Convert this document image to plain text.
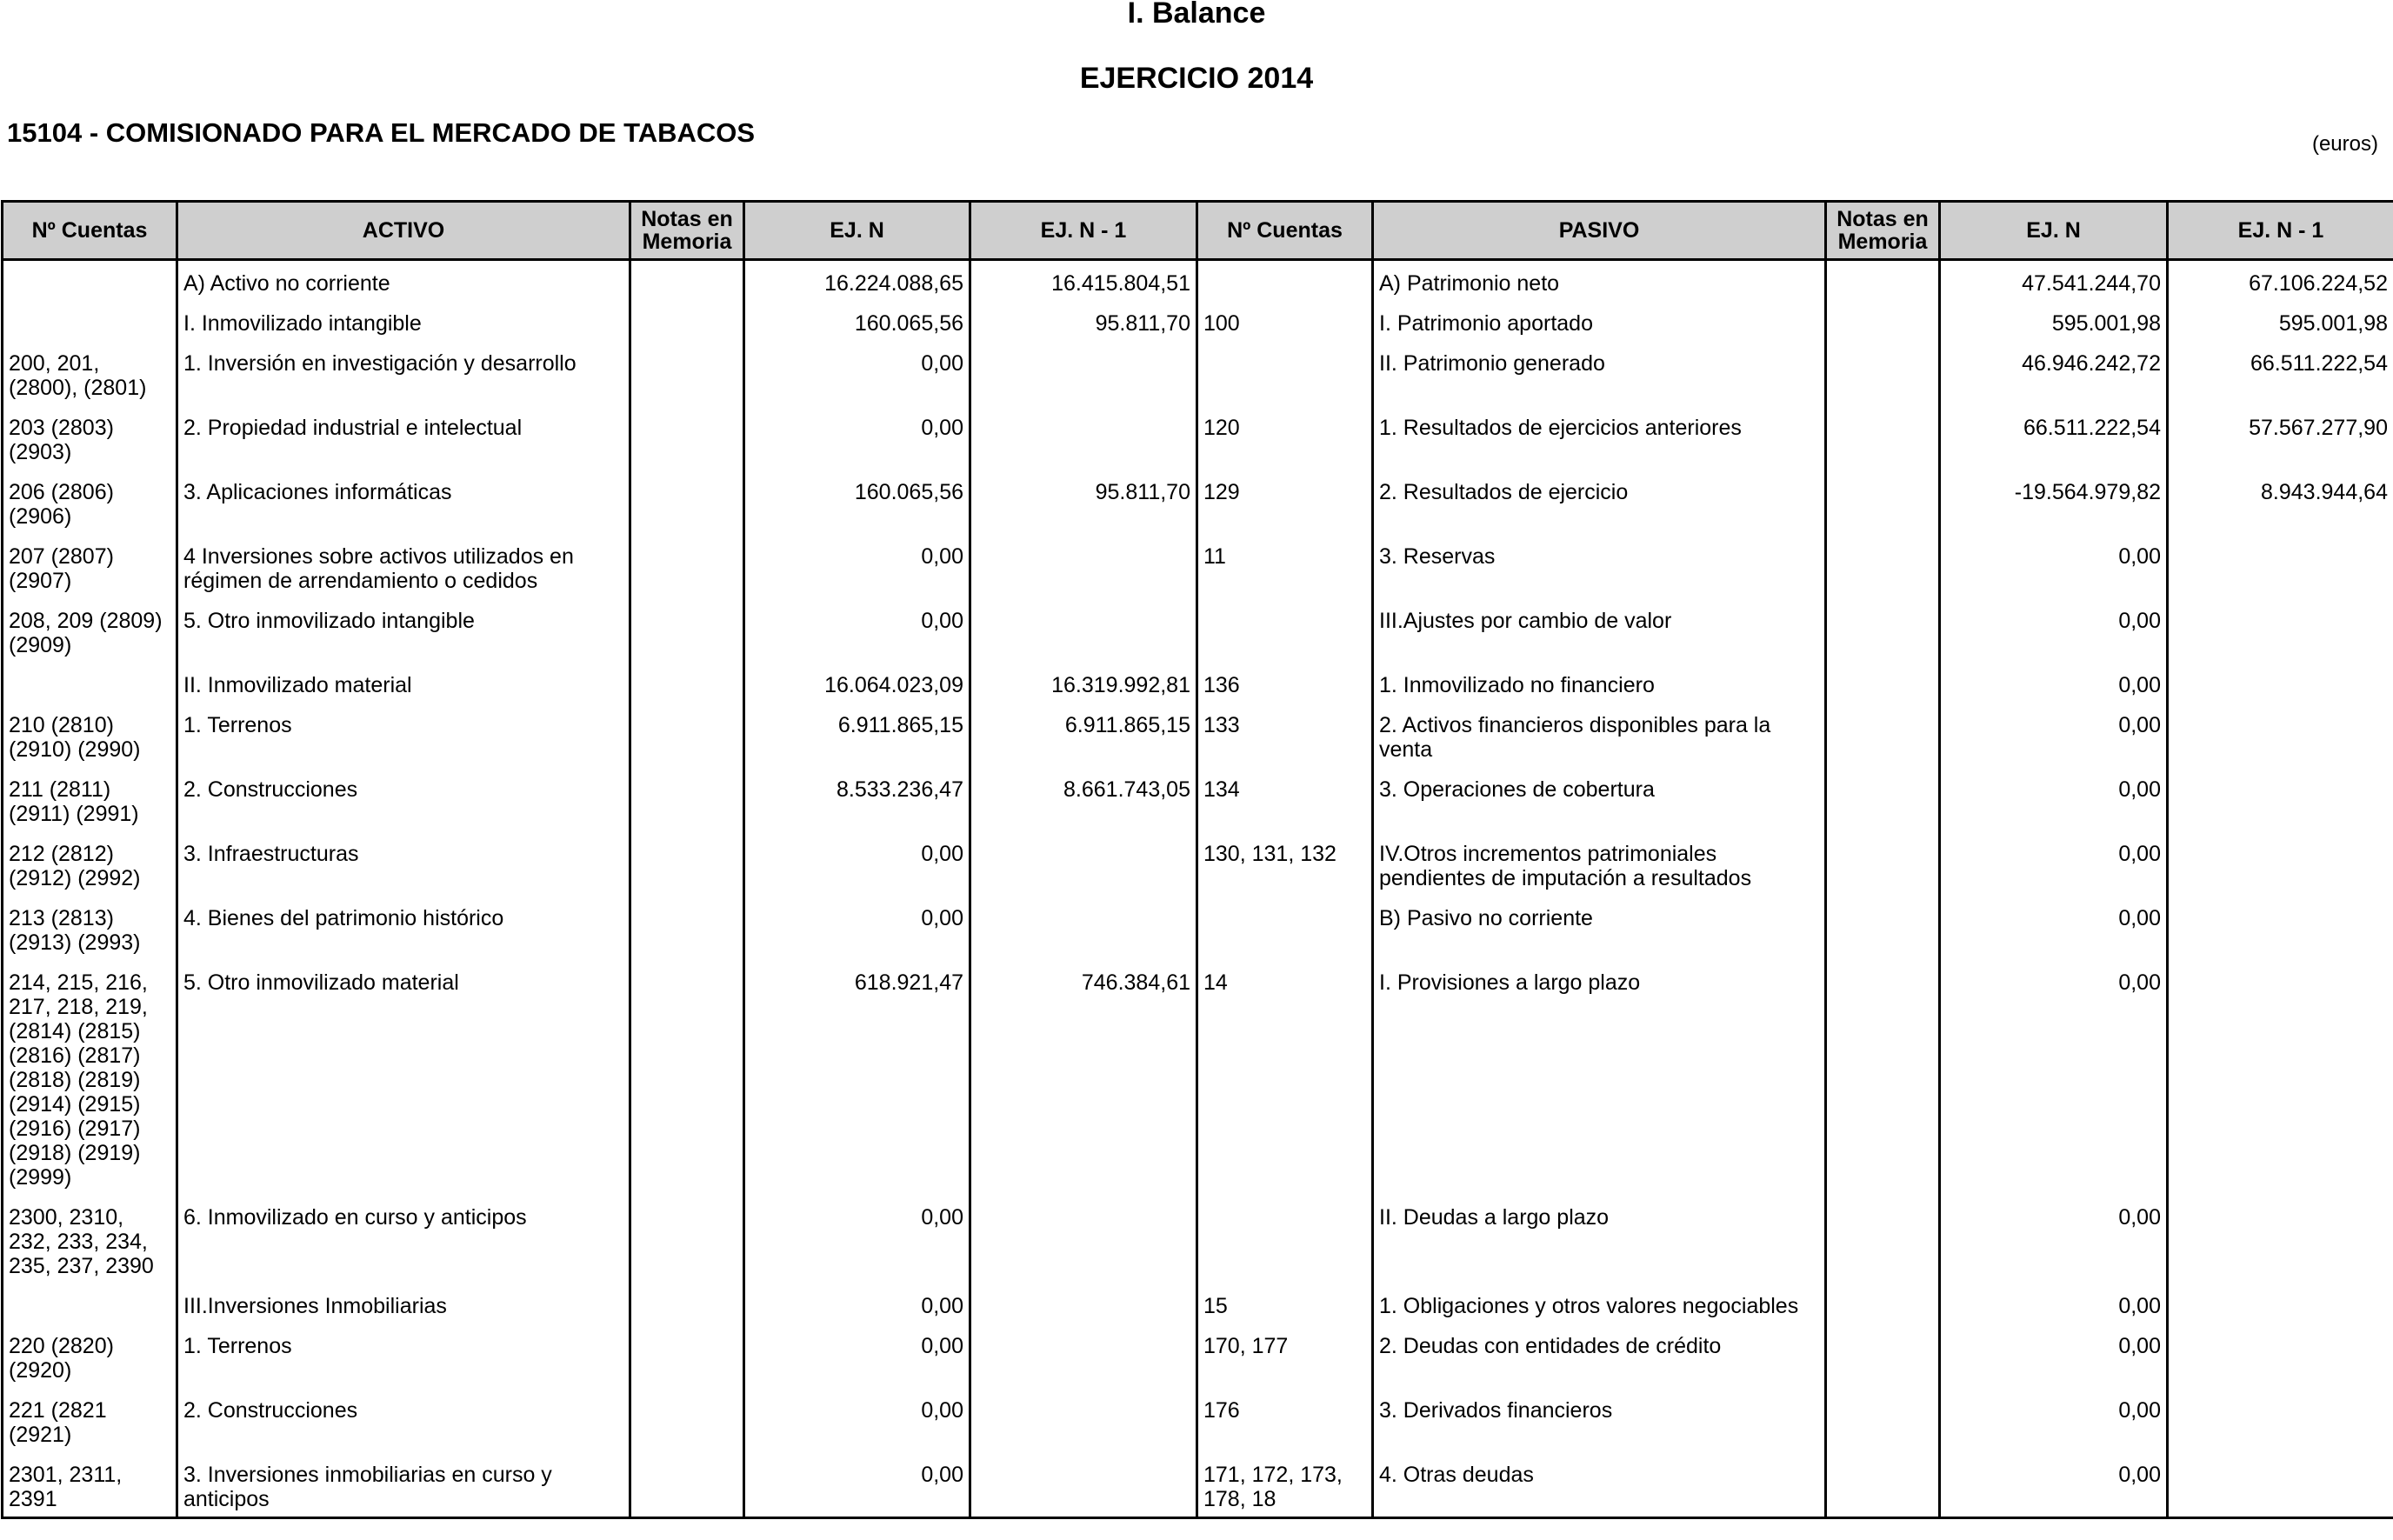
I. Balance
EJERCICIO 2014
15104 - COMISIONADO PARA EL MERCADO DE TABACOS	(euros)
Nº Cuentas	ACTIVO	Notas en Memoria	EJ. N	EJ. N - 1	Nº Cuentas	PASIVO	Notas en Memoria	EJ. N	EJ. N - 1
	A) Activo no corriente		16.224.088,65	16.415.804,51		A) Patrimonio neto		47.541.244,70	67.106.224,52
	I. Inmovilizado intangible		160.065,56	95.811,70	100	I. Patrimonio aportado		595.001,98	595.001,98
200, 201, (2800), (2801)	1. Inversión en investigación y desarrollo		0,00			II. Patrimonio generado		46.946.242,72	66.511.222,54
203 (2803) (2903)	2. Propiedad industrial e intelectual		0,00		120	1. Resultados de ejercicios anteriores		66.511.222,54	57.567.277,90
206 (2806) (2906)	3. Aplicaciones informáticas		160.065,56	95.811,70	129	2. Resultados de ejercicio		-19.564.979,82	8.943.944,64
207 (2807) (2907)	4 Inversiones sobre activos utilizados en régimen de arrendamiento o cedidos		0,00		11	3. Reservas		0,00	
208, 209 (2809) (2909)	5. Otro inmovilizado intangible		0,00			III.Ajustes por cambio de valor		0,00	
	II. Inmovilizado material		16.064.023,09	16.319.992,81	136	1. Inmovilizado no financiero		0,00	
210 (2810) (2910) (2990)	1. Terrenos		6.911.865,15	6.911.865,15	133	2. Activos financieros disponibles para la venta		0,00	
211 (2811) (2911) (2991)	2. Construcciones		8.533.236,47	8.661.743,05	134	3. Operaciones de cobertura		0,00	
212 (2812) (2912) (2992)	3. Infraestructuras		0,00		130, 131, 132	IV.Otros incrementos patrimoniales pendientes de imputación a resultados		0,00	
213 (2813) (2913) (2993)	4. Bienes del patrimonio histórico		0,00			B) Pasivo no corriente		0,00	
214, 215, 216, 217, 218, 219, (2814) (2815) (2816) (2817) (2818) (2819) (2914) (2915) (2916) (2917) (2918) (2919) (2999)	5. Otro inmovilizado material		618.921,47	746.384,61	14	I. Provisiones a largo plazo		0,00	
2300, 2310, 232, 233, 234, 235, 237, 2390	6. Inmovilizado en curso y anticipos		0,00			II. Deudas a largo plazo		0,00	
	III.Inversiones Inmobiliarias		0,00		15	1. Obligaciones y otros valores negociables		0,00	
220 (2820) (2920)	1. Terrenos		0,00		170, 177	2. Deudas con entidades de crédito		0,00	
221 (2821 (2921)	2. Construcciones		0,00		176	3. Derivados financieros		0,00	
2301, 2311, 2391	3. Inversiones inmobiliarias en curso y anticipos		0,00		171, 172, 173, 178, 18	4. Otras deudas		0,00	
